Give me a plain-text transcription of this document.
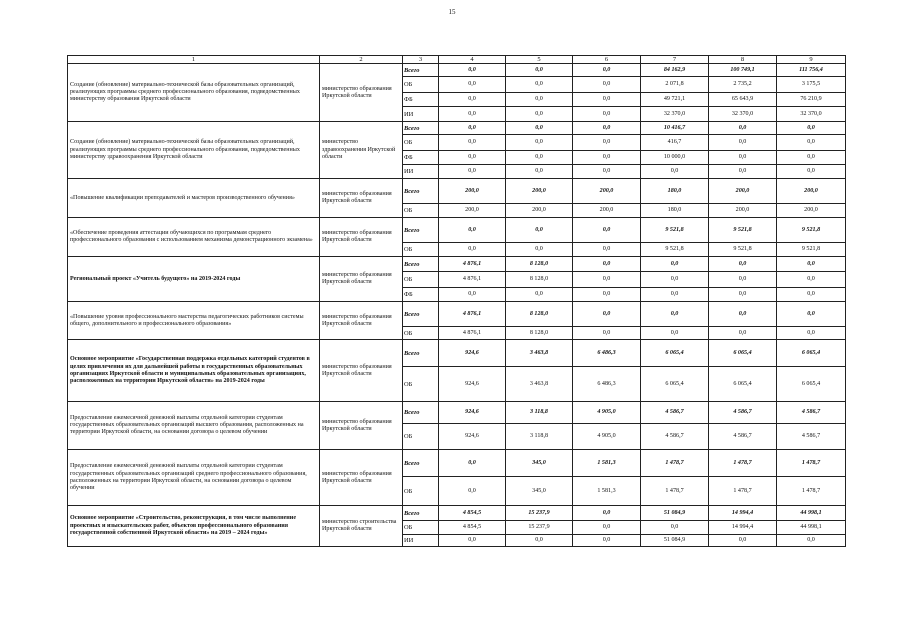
15
1	2	3	4	5	6	7	8	9
Создание (обновление) материально-технической базы образовательных организаций, реализующих программы среднего профессионального образования, подведомственных министерству образования Иркутской области	министерство образования Иркутской области	Всего	0,0	0,0	0,0	84 162,9	100 749,1	111 756,4
		ОБ	0,0	0,0	0,0	2 071,8	2 735,2	3 175,5
		ФБ	0,0	0,0	0,0	49 721,1	65 643,9	76 210,9
		ИИ	0,0	0,0	0,0	32 370,0	32 370,0	32 370,0
Создание (обновление) материально-технической базы образовательных организаций, реализующих программы среднего профессионального образования, подведомственных министерству здравоохранения Иркутской области	министерство здравоохранения Иркутской области	Всего	0,0	0,0	0,0	10 416,7	0,0	0,0
		ОБ	0,0	0,0	0,0	416,7	0,0	0,0
		ФБ	0,0	0,0	0,0	10 000,0	0,0	0,0
		ИИ	0,0	0,0	0,0	0,0	0,0	0,0
«Повышение квалификации преподавателей и мастеров производственного обучения»	министерство образования Иркутской области	Всего	200,0	200,0	200,0	180,0	200,0	200,0
		ОБ	200,0	200,0	200,0	180,0	200,0	200,0
«Обеспечение проведения аттестации обучающихся по программам среднего профессионального образования с использованием механизма демонстрационного экзамена»	министерство образования Иркутской области	Всего	0,0	0,0	0,0	9 521,8	9 521,8	9 521,8
		ОБ	0,0	0,0	0,0	9 521,8	9 521,8	9 521,8
Региональный проект «Учитель будущего» на 2019-2024 годы	министерство образования Иркутской области	Всего	4 876,1	8 128,0	0,0	0,0	0,0	0,0
		ОБ	4 876,1	8 128,0	0,0	0,0	0,0	0,0
		ФБ	0,0	0,0	0,0	0,0	0,0	0,0
«Повышение уровня профессионального мастерства педагогических работников системы общего, дополнительного и профессионального образования»	министерство образования Иркутской области	Всего	4 876,1	8 128,0	0,0	0,0	0,0	0,0
		ОБ	4 876,1	8 128,0	0,0	0,0	0,0	0,0
Основное мероприятие «Государственная поддержка отдельных категорий студентов в целях привлечения их для дальнейшей работы в государственных образовательных организациях Иркутской области и муниципальных образовательных организациях, расположенных на территории Иркутской области» на 2019-2024 годы	министерство образования Иркутской области	Всего	924,6	3 463,8	6 486,3	6 065,4	6 065,4	6 065,4
		ОБ	924,6	3 463,8	6 486,3	6 065,4	6 065,4	6 065,4
Предоставление ежемесячной денежной выплаты отдельной категории студентам государственных образовательных организаций высшего образования, расположенных на территории Иркутской области, на основании договора о целевом обучении	министерство образования Иркутской области	Всего	924,6	3 118,8	4 905,0	4 586,7	4 586,7	4 586,7
		ОБ	924,6	3 118,8	4 905,0	4 586,7	4 586,7	4 586,7
Предоставление ежемесячной денежной выплаты отдельной категории студентам государственных образовательных организаций среднего профессионального образования, расположенных на территории Иркутской области, на основании договора о целевом обучении	министерство образования Иркутской области	Всего	0,0	345,0	1 581,3	1 478,7	1 478,7	1 478,7
		ОБ	0,0	345,0	1 581,3	1 478,7	1 478,7	1 478,7
Основное мероприятие «Строительство, реконструкция, в том числе выполнение проектных и изыскательских работ, объектов профессионального образования государственной собственной Иркутской области» на 2019 – 2024 годы»	министерство строительства Иркутской области	Всего	4 854,5	15 237,9	0,0	51 084,9	14 994,4	44 998,1
		ОБ	4 854,5	15 237,9	0,0	0,0	14 994,4	44 998,1
		ИИ	0,0	0,0	0,0	51 084,9	0,0	0,0
